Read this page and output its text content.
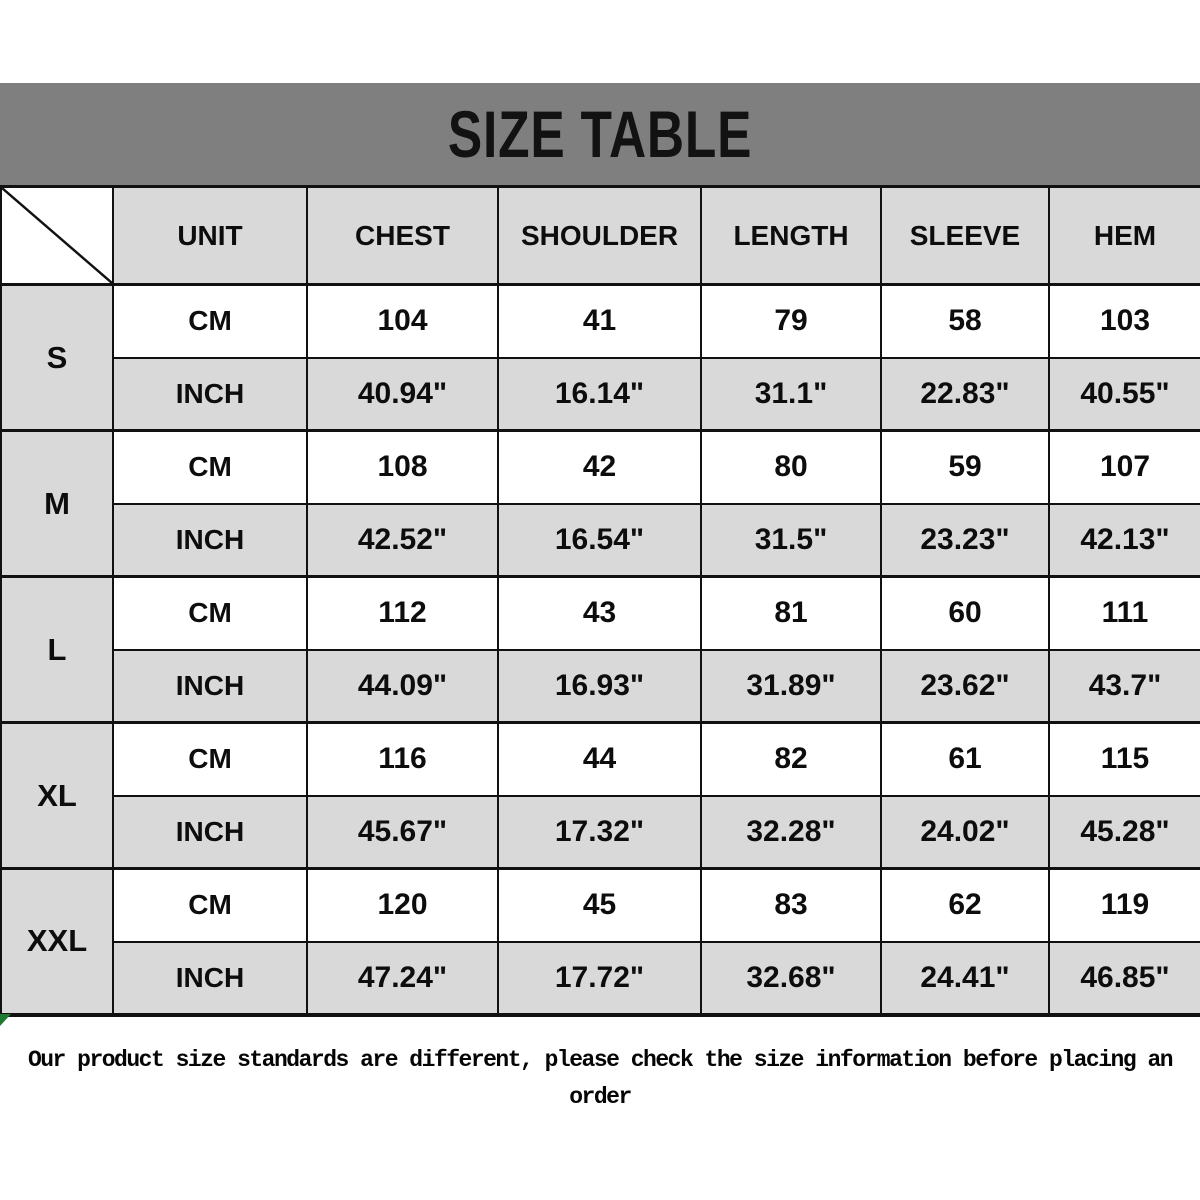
SIZE TABLE
	UNIT	CHEST	SHOULDER	LENGTH	SLEEVE	HEM
S	CM	104	41	79	58	103
	INCH	40.94"	16.14"	31.1"	22.83"	40.55"
M	CM	108	42	80	59	107
	INCH	42.52"	16.54"	31.5"	23.23"	42.13"
L	CM	112	43	81	60	111
	INCH	44.09"	16.93"	31.89"	23.62"	43.7"
XL	CM	116	44	82	61	115
	INCH	45.67"	17.32"	32.28"	24.02"	45.28"
XXL	CM	120	45	83	62	119
	INCH	47.24"	17.72"	32.68"	24.41"	46.85"
Our product size standards are different, please check the size information before placing an
order
